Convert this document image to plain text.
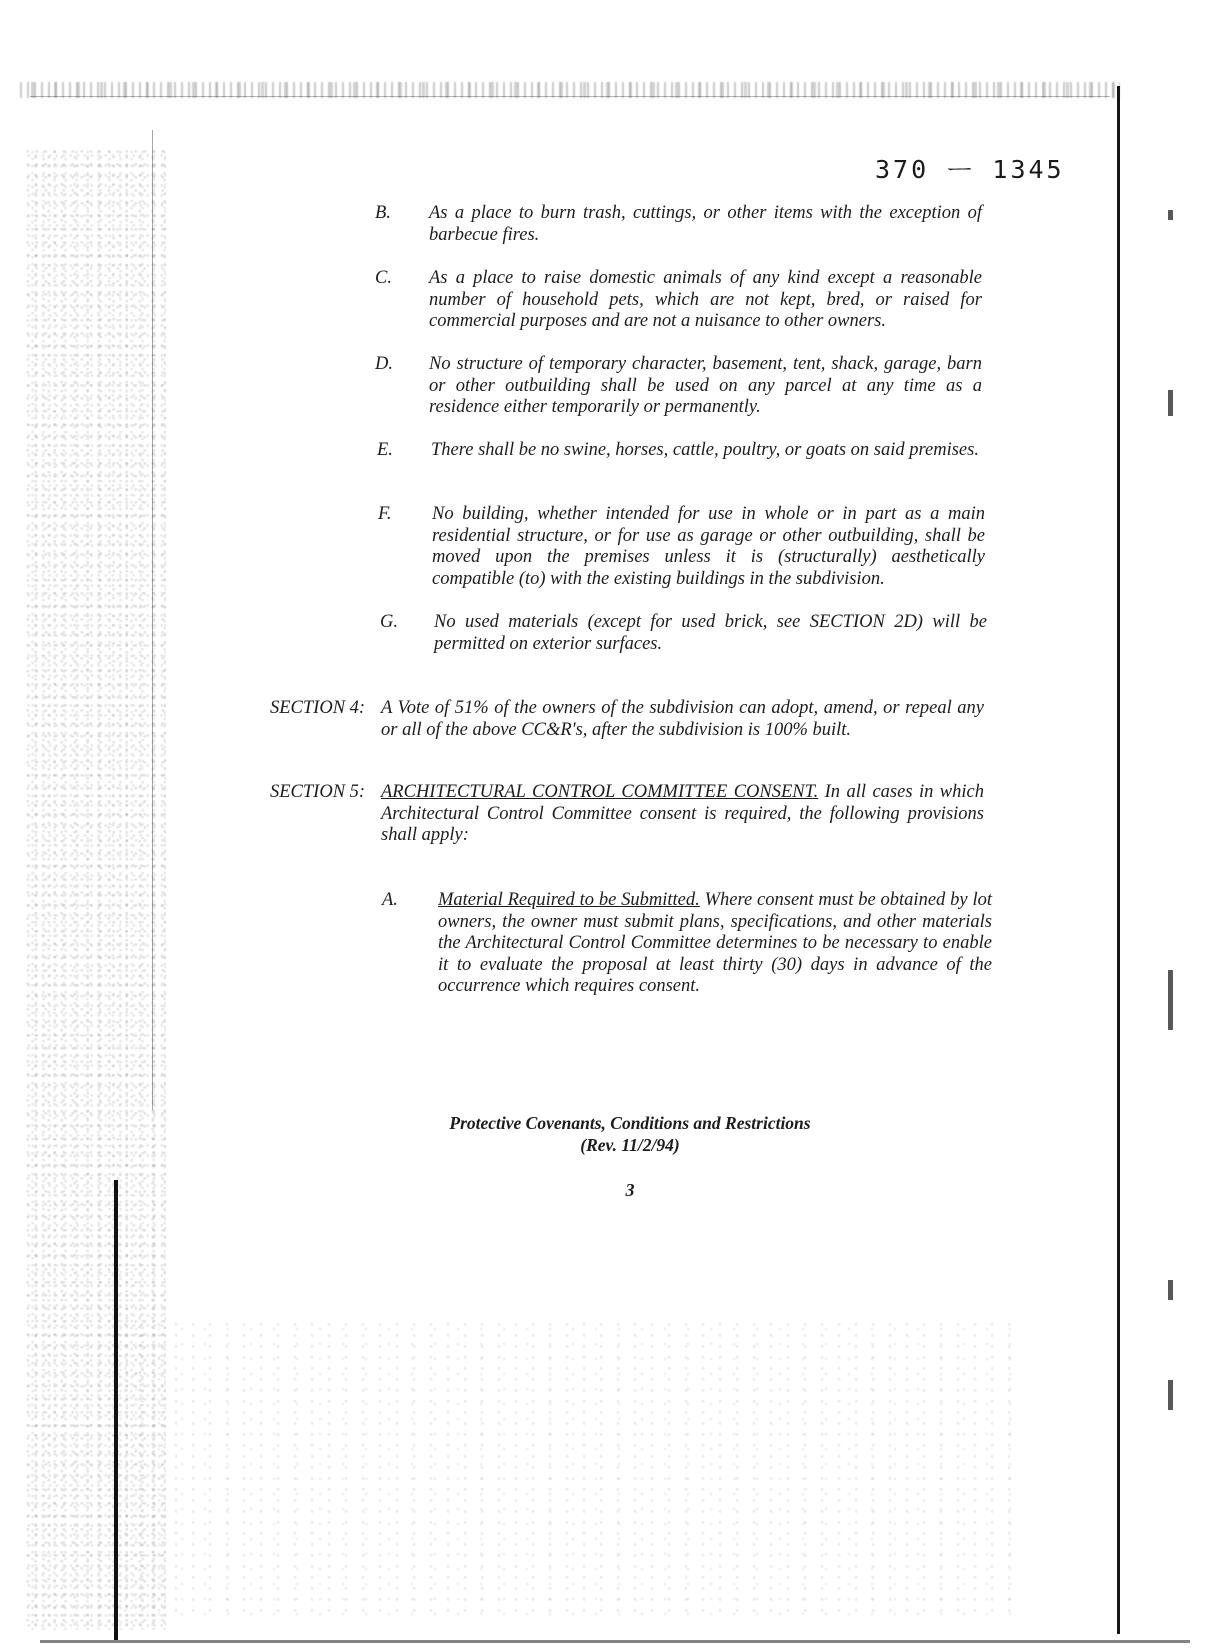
370 ᅳ 1345
B. As a place to burn trash, cuttings, or other items with the exception of barbecue fires.
C. As a place to raise domestic animals of any kind except a reasonable number of household pets, which are not kept, bred, or raised for commercial purposes and are not a nuisance to other owners.
D. No structure of temporary character, basement, tent, shack, garage, barn or other outbuilding shall be used on any parcel at any time as a residence either temporarily or permanently.
E. There shall be no swine, horses, cattle, poultry, or goats on said premises.
F. No building, whether intended for use in whole or in part as a main residential structure, or for use as garage or other outbuilding, shall be moved upon the premises unless it is (structurally) aesthetically compatible (to) with the existing buildings in the subdivision.
G. No used materials (except for used brick, see SECTION 2D) will be permitted on exterior surfaces.
SECTION 4: A Vote of 51% of the owners of the subdivision can adopt, amend, or repeal any or all of the above CC&R's, after the subdivision is 100% built.
SECTION 5: ARCHITECTURAL CONTROL COMMITTEE CONSENT. In all cases in which Architectural Control Committee consent is required, the following provisions shall apply:
A. Material Required to be Submitted. Where consent must be obtained by lot owners, the owner must submit plans, specifications, and other materials the Architectural Control Committee determines to be necessary to enable it to evaluate the proposal at least thirty (30) days in advance of the occurrence which requires consent.
Protective Covenants, Conditions and Restrictions
(Rev. 11/2/94)
3
